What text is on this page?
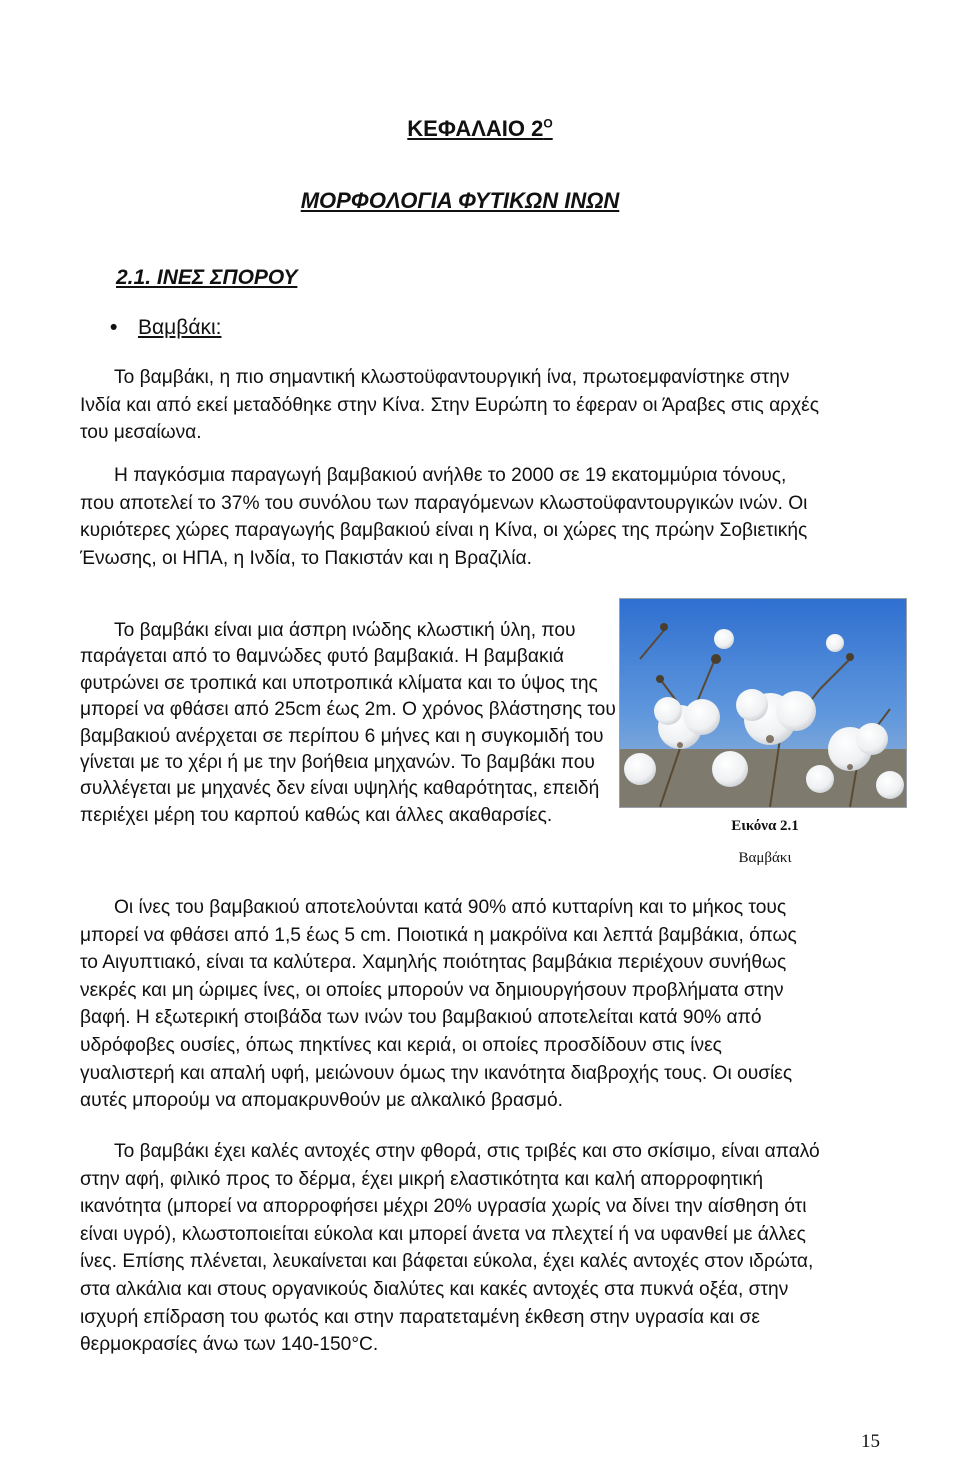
ΚΕΦΑΛΑΙΟ $2^O$
ΜΟΡΦΟΛΟΓΙΑ ΦΥΤΙΚΩΝ ΙΝΩΝ
2.1. ΙΝΕΣ ΣΠΟΡΟΥ
• Βαμβάκι:

Το βαμβάκι, η πιο σημαντική κλωστοϋφαντουργική ίνα, πρωτοεμφανίστηκε στην Ινδία και από εκεί μεταδόθηκε στην Κίνα. Στην Ευρώπη το έφεραν οι Άραβες στις αρχές του μεσαίωνα.

Η παγκόσμια παραγωγή βαμβακιού ανήλθε το 2000 σε 19 εκατομμύρια τόνους, που αποτελεί το 37% του συνόλου των παραγόμενων κλωστοϋφαντουργικών ινών. Οι κυριότερες χώρες παραγωγής βαμβακιού είναι η Κίνα, οι χώρες της πρώην Σοβιετικής Ένωσης, οι ΗΠΑ, η Ινδία, το Πακιστάν και η Βραζιλία.

Το βαμβάκι είναι μια άσπρη ινώδης κλωστική ύλη, που παράγεται από το θαμνώδες φυτό βαμβακιά. Η βαμβακιά φυτρώνει σε τροπικά και υποτροπικά κλίματα και το ύψος της μπορεί να φθάσει από 25cm έως 2m. Ο χρόνος βλάστησης του βαμβακιού ανέρχεται σε περίπου 6 μήνες και η συγκομιδή του γίνεται με το χέρι ή με την βοήθεια μηχανών. Το βαμβάκι που συλλέγεται με μηχανές δεν είναι υψηλής καθαρότητας, επειδή περιέχει μέρη του καρπού καθώς και άλλες ακαθαρσίες.

Εικόνα 2.1
Βαμβάκι

Οι ίνες του βαμβακιού αποτελούνται κατά 90% από κυτταρίνη και το μήκος τους μπορεί να φθάσει από 1,5 έως 5 cm. Ποιοτικά η μακρόϊνα και λεπτά βαμβάκια, όπως το Αιγυπτιακό, είναι τα καλύτερα. Χαμηλής ποιότητας βαμβάκια περιέχουν συνήθως νεκρές και μη ώριμες ίνες, οι οποίες μπορούν να δημιουργήσουν προβλήματα στην βαφή. Η εξωτερική στοιβάδα των ινών του βαμβακιού αποτελείται κατά 90% από υδρόφοβες ουσίες, όπως πηκτίνες και κεριά, οι οποίες προσδίδουν στις ίνες γυαλιστερή και απαλή υφή, μειώνουν όμως την ικανότητα διαβροχής τους. Οι ουσίες αυτές μπορούμ να απομακρυνθούν με αλκαλικό βρασμό.

Το βαμβάκι έχει καλές αντοχές στην φθορά, στις τριβές και στο σκίσιμο, είναι απαλό στην αφή, φιλικό προς το δέρμα, έχει μικρή ελαστικότητα και καλή απορροφητική ικανότητα (μπορεί να απορροφήσει μέχρι 20% υγρασία χωρίς να δίνει την αίσθηση ότι είναι υγρό), κλωστοποιείται εύκολα και μπορεί άνετα να πλεχτεί ή να υφανθεί με άλλες ίνες. Επίσης πλένεται, λευκαίνεται και βάφεται εύκολα, έχει καλές αντοχές στον ιδρώτα, στα αλκάλια και στους οργανικούς διαλύτες και κακές αντοχές στα πυκνά οξέα, στην ισχυρή επίδραση του φωτός και στην παρατεταμένη έκθεση στην υγρασία και σε θερμοκρασίες άνω των 140-150°C.

15
